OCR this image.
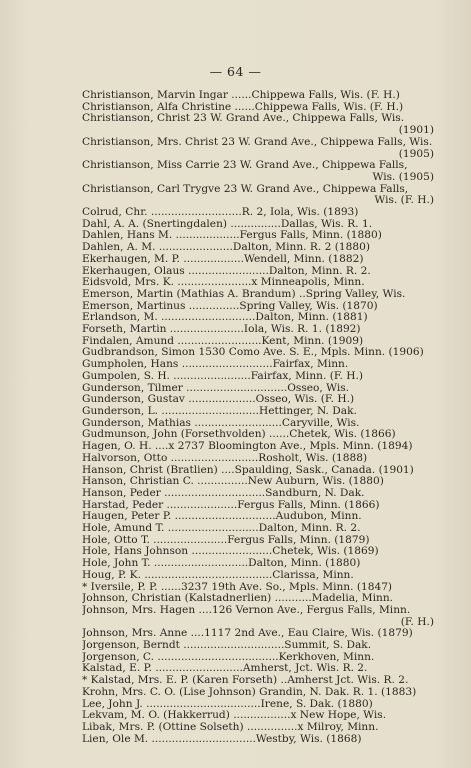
— 64 —
Christianson, Marvin Ingar ......Chippewa Falls, Wis. (F. H.)
Christianson, Alfa Christine ......Chippewa Falls, Wis. (F. H.)
Christianson, Christ 23 W. Grand Ave., Chippewa Falls, Wis.
(1901)
Christianson, Mrs. Christ 23 W. Grand Ave., Chippewa Falls, Wis.
(1905)
Christianson, Miss Carrie 23 W. Grand Ave., Chippewa Falls,
Wis. (1905)
Christianson, Carl Trygve 23 W. Grand Ave., Chippewa Falls,
Wis. (F. H.)
Colrud, Chr. ...........................R. 2, Iola, Wis. (1893)
Dahl, A. A. (Snertingdalen) ...............Dallas, Wis. R. 1.
Dahlen, Hans M. ...................Fergus Falls, Minn. (1880)
Dahlen, A. M. ......................Dalton, Minn. R. 2 (1880)
Ekerhaugen, M. P. ..................Wendell, Minn. (1882)
Ekerhaugen, Olaus ........................Dalton, Minn. R. 2.
Eidsvold, Mrs. K. ......................x Minneapolis, Minn.
Emerson, Martin (Mathias A. Brandum) ..Spring Valley, Wis.
Emerson, Martinus ...............Spring Valley, Wis. (1870)
Erlandson, M. ............................Dalton, Minn. (1881)
Forseth, Martin ......................Iola, Wis. R. 1. (1892)
Findalen, Amund .........................Kent, Minn. (1909)
Gudbrandson, Simon 1530 Como Ave. S. E., Mpls. Minn. (1906)
Gumpholen, Hans ...........................Fairfax, Minn.
Gumpolen, S. H. .......................Fairfax, Minn. (F. H.)
Gunderson, Tilmer ..............................Osseo, Wis.
Gunderson, Gustav ....................Osseo, Wis. (F. H.)
Gunderson, L. .............................Hettinger, N. Dak.
Gunderson, Mathias ..........................Caryville, Wis.
Gudmunson, John (Forsethvolden) ......Chetek, Wis. (1866)
Hagen, O. H. ....x 2737 Bloomington Ave., Mpls. Minn. (1894)
Halvorson, Otto ..........................Rosholt, Wis. (1888)
Hanson, Christ (Bratlien) ....Spaulding, Sask., Canada. (1901)
Hanson, Christian C. ...............New Auburn, Wis. (1880)
Hanson, Peder ..............................Sandburn, N. Dak.
Harstad, Peder .....................Fergus Falls, Minn. (1866)
Haugen, Peter P. ..............................Audubon, Minn.
Hole, Amund T. ...........................Dalton, Minn. R. 2.
Hole, Otto T. ......................Fergus Falls, Minn. (1879)
Hole, Hans Johnson ........................Chetek, Wis. (1869)
Hole, John T. ............................Dalton, Minn. (1880)
Houg, P. K. ......................................Clarissa, Minn.
* Iversile, P. P. ......3237 19th Ave. So., Mpls. Minn. (1847)
Johnson, Christian (Kalstadnerlien) ...........Madelia, Minn.
Johnson, Mrs. Hagen ....126 Vernon Ave., Fergus Falls, Minn.
(F. H.)
Johnson, Mrs. Anne ....1117 2nd Ave., Eau Claire, Wis. (1879)
Jorgenson, Berndt ..............................Summit, S. Dak.
Jorgenson, C. ....................................Kerkhoven, Minn.
Kalstad, E. P. ..........................Amherst, Jct. Wis. R. 2.
* Kalstad, Mrs. E. P. (Karen Forseth) ..Amherst Jct. Wis. R. 2.
Krohn, Mrs. C. O. (Lise Johnson) Grandin, N. Dak. R. 1. (1883)
Lee, John J. ..................................Irene, S. Dak. (1880)
Lekvam, M. O. (Hakkerrud) .................x New Hope, Wis.
Libak, Mrs. P. (Ottine Solseth) ...............x Milroy, Minn.
Lien, Ole M. ...............................Westby, Wis. (1868)
